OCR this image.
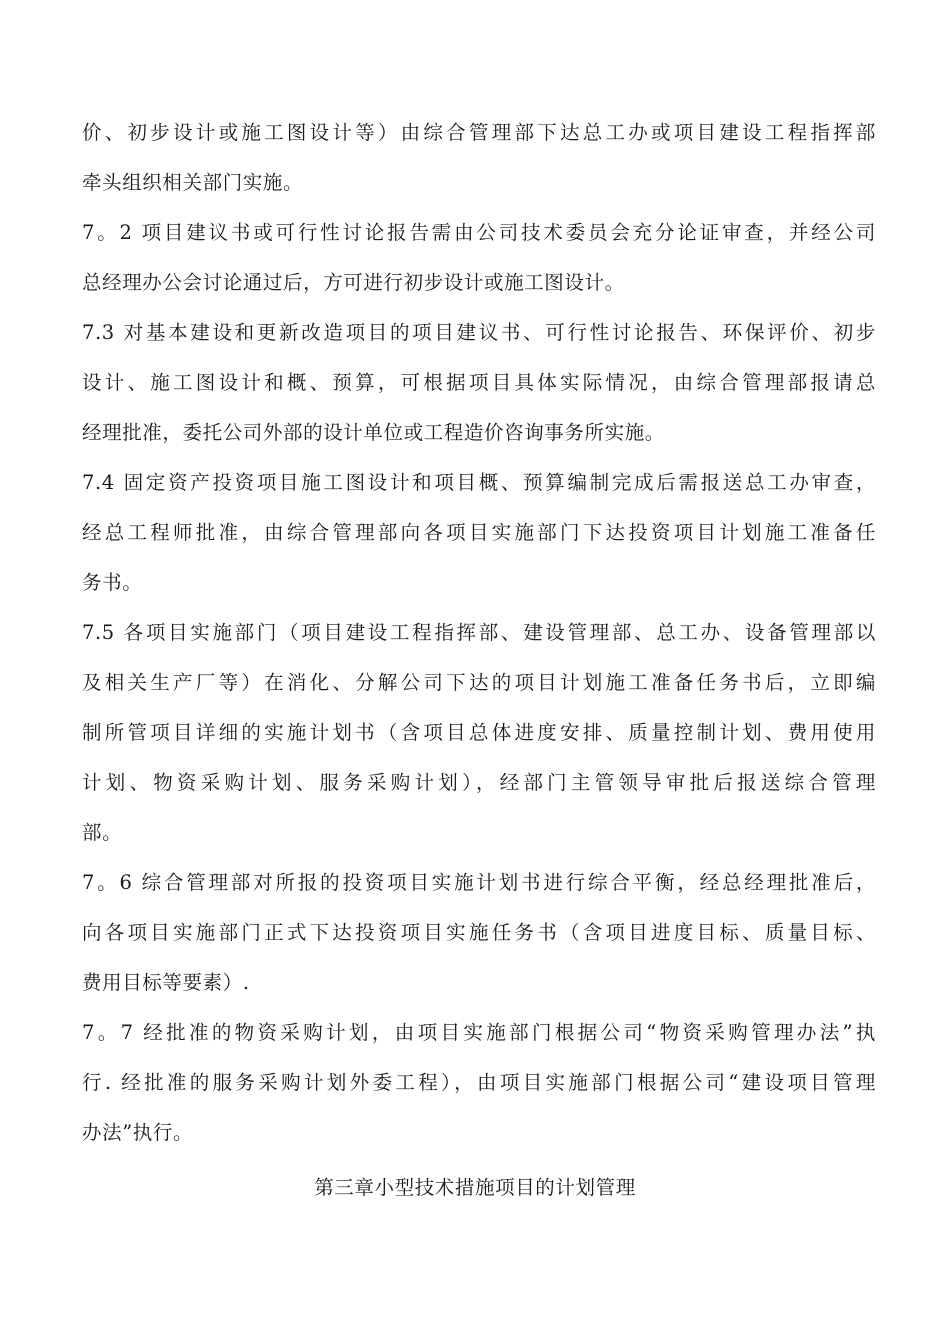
价、初步设计或施工图设计等）由综合管理部下达总工办或项目建设工程指挥部
牵头组织相关部门实施。
7。2 项目建议书或可行性讨论报告需由公司技术委员会充分论证审查，并经公司
总经理办公会讨论通过后，方可进行初步设计或施工图设计。
7.3 对基本建设和更新改造项目的项目建议书、可行性讨论报告、环保评价、初步
设计、施工图设计和概、预算，可根据项目具体实际情况，由综合管理部报请总
经理批准，委托公司外部的设计单位或工程造价咨询事务所实施。
7.4 固定资产投资项目施工图设计和项目概、预算编制完成后需报送总工办审查，
经总工程师批准，由综合管理部向各项目实施部门下达投资项目计划施工准备任
务书。
7.5 各项目实施部门（项目建设工程指挥部、建设管理部、总工办、设备管理部以
及相关生产厂等）在消化、分解公司下达的项目计划施工准备任务书后，立即编
制所管项目详细的实施计划书（含项目总体进度安排、质量控制计划、费用使用
计划、物资采购计划、服务采购计划），经部门主管领导审批后报送综合管理
部。
7。6 综合管理部对所报的投资项目实施计划书进行综合平衡，经总经理批准后，
向各项目实施部门正式下达投资项目实施任务书（含项目进度目标、质量目标、
费用目标等要素）.
7。7 经批准的物资采购计划，由项目实施部门根据公司“物资采购管理办法”执
行. 经批准的服务采购计划外委工程），由项目实施部门根据公司“建设项目管理
办法”执行。
第三章小型技术措施项目的计划管理
